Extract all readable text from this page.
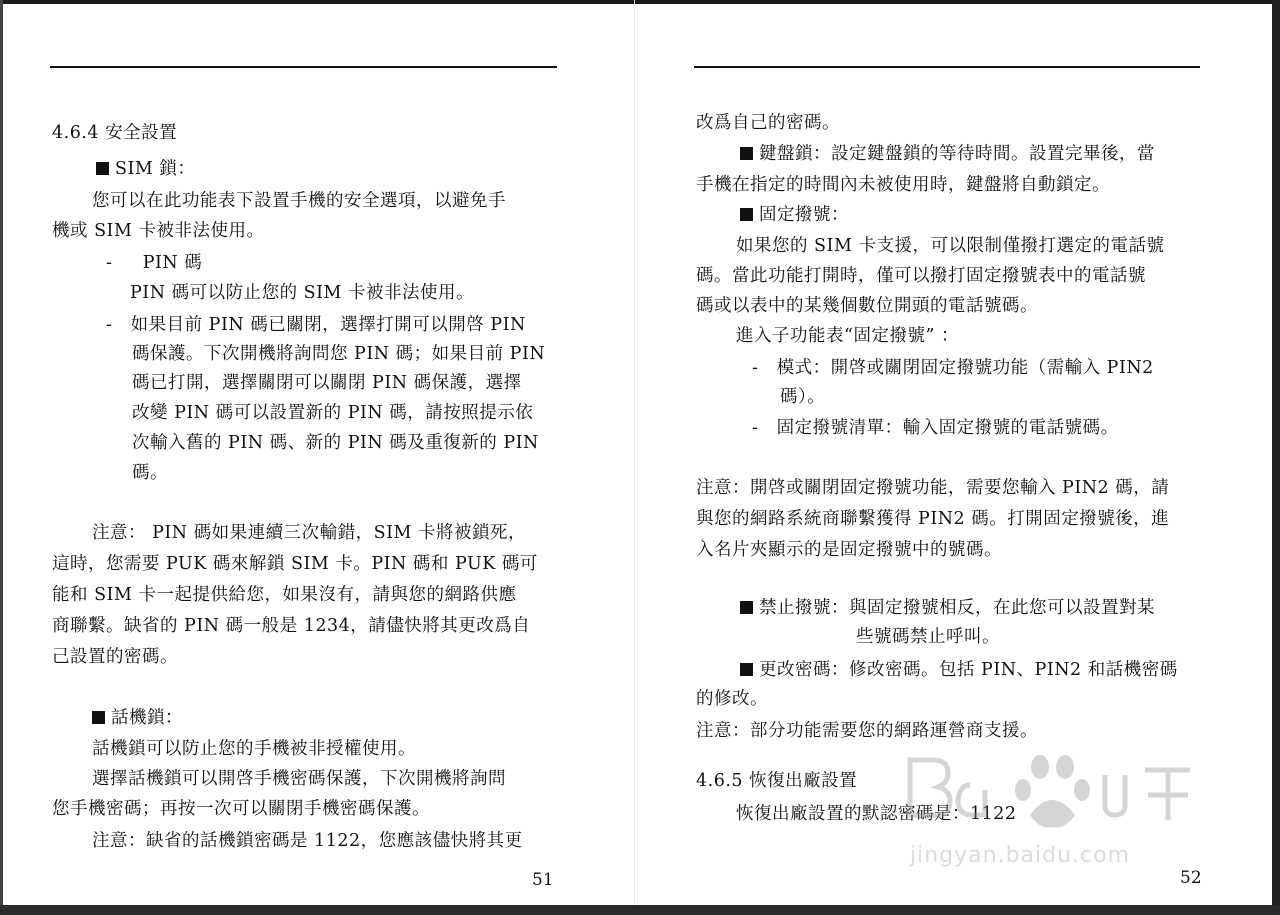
4.6.4 安全設置
SIM 鎖：
您可以在此功能表下設置手機的安全選項，以避免手
機或 SIM 卡被非法使用。
-     PIN 碼
PIN 碼可以防止您的 SIM 卡被非法使用。
-   如果目前 PIN 碼已關閉，選擇打開可以開啓 PIN
碼保護。下次開機將詢問您 PIN 碼；如果目前 PIN
碼已打開，選擇關閉可以關閉 PIN 碼保護，選擇
改變 PIN 碼可以設置新的 PIN 碼，請按照提示依
次輸入舊的 PIN 碼、新的 PIN 碼及重復新的 PIN
碼。
注意： PIN 碼如果連續三次輸錯，SIM 卡將被鎖死，
這時，您需要 PUK 碼來解鎖 SIM 卡。PIN 碼和 PUK 碼可
能和 SIM 卡一起提供給您，如果沒有，請與您的網路供應
商聯繫。缺省的 PIN 碼一般是 1234，請儘快將其更改爲自
己設置的密碼。
話機鎖：
話機鎖可以防止您的手機被非授權使用。
選擇話機鎖可以開啓手機密碼保護，下次開機將詢問
您手機密碼；再按一次可以關閉手機密碼保護。
注意：缺省的話機鎖密碼是 1122，您應該儘快將其更
51
改爲自己的密碼。
鍵盤鎖：設定鍵盤鎖的等待時間。設置完畢後，當
手機在指定的時間內未被使用時，鍵盤將自動鎖定。
固定撥號：
如果您的 SIM 卡支援，可以限制僅撥打選定的電話號
碼。當此功能打開時，僅可以撥打固定撥號表中的電話號
碼或以表中的某幾個數位開頭的電話號碼。
進入子功能表“固定撥號” ：
-   模式：開啓或關閉固定撥號功能（需輸入 PIN2
碼）。
-   固定撥號清單：輸入固定撥號的電話號碼。
注意：開啓或關閉固定撥號功能，需要您輸入 PIN2 碼，請
與您的網路系統商聯繫獲得 PIN2 碼。打開固定撥號後，進
入名片夾顯示的是固定撥號中的號碼。
禁止撥號：與固定撥號相反，在此您可以設置對某
些號碼禁止呼叫。
更改密碼：修改密碼。包括 PIN、PIN2 和話機密碼
的修改。
注意：部分功能需要您的網路運營商支援。
4.6.5 恢復出廠設置
恢復出廠設置的默認密碼是：1122
52
jingyan.baidu.com
